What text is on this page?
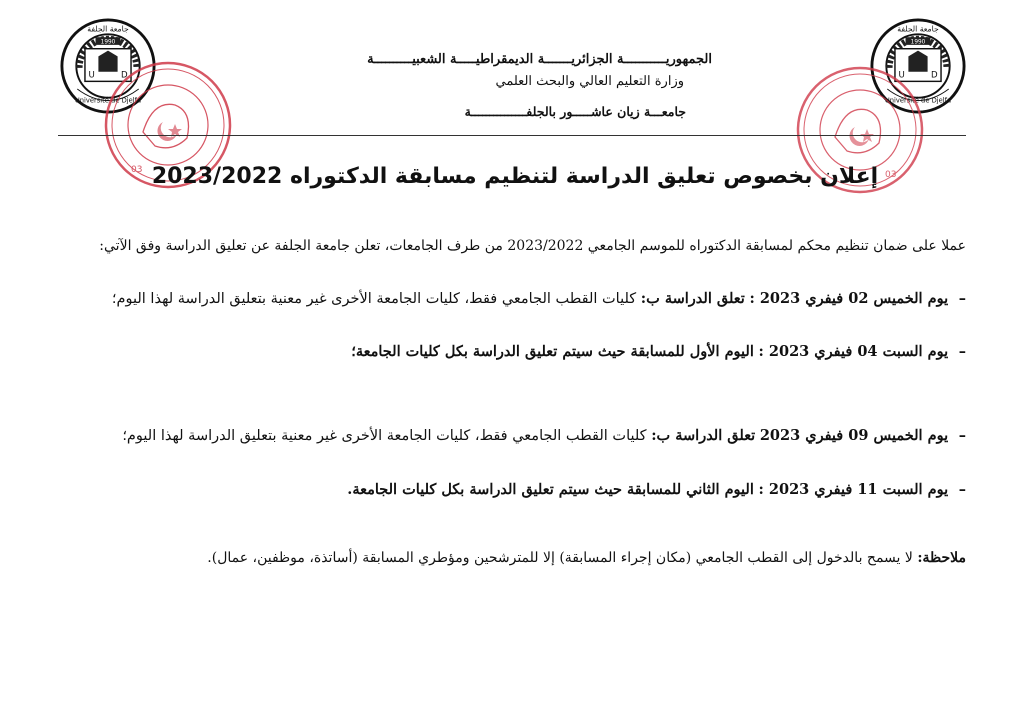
1990
U	D
Université de Djelfa
جامعة الجلفة
1990
U	D
Université de Djelfa
جامعة الجلفة
03	03
الجمهوريـــــــــــة الجزائريـــــــة الديمقراطيـــــة الشعبيــــــــــة
وزارة التعليم العالي والبحث العلمي
جامعـــة زيان عاشـــــور بالجلفـــــــــــــــة
إعلان بخصوص تعليق الدراسة لتنظيم مسابقة الدكتوراه 2023/2022
عملا على ضمان تنظيم محكم لمسابقة الدكتوراه للموسم الجامعي 2023/2022 من طرف الجامعات، تعلن جامعة الجلفة عن تعليق الدراسة وفق الآتي:
– يوم الخميس 02 فيفري 2023 : تعلق الدراسة ب: كليات القطب الجامعي فقط، كليات الجامعة الأخرى غير معنية بتعليق الدراسة لهذا اليوم؛
– يوم السبت 04 فيفري 2023 : اليوم الأول للمسابقة حيث سيتم تعليق الدراسة بكل كليات الجامعة؛
– يوم الخميس 09 فيفري 2023 تعلق الدراسة ب: كليات القطب الجامعي فقط، كليات الجامعة الأخرى غير معنية بتعليق الدراسة لهذا اليوم؛
– يوم السبت 11 فيفري 2023 : اليوم الثاني للمسابقة حيث سيتم تعليق الدراسة بكل كليات الجامعة.
ملاحظة: لا يسمح بالدخول إلى القطب الجامعي (مكان إجراء المسابقة) إلا للمترشحين ومؤطري المسابقة (أساتذة، موظفين، عمال).
